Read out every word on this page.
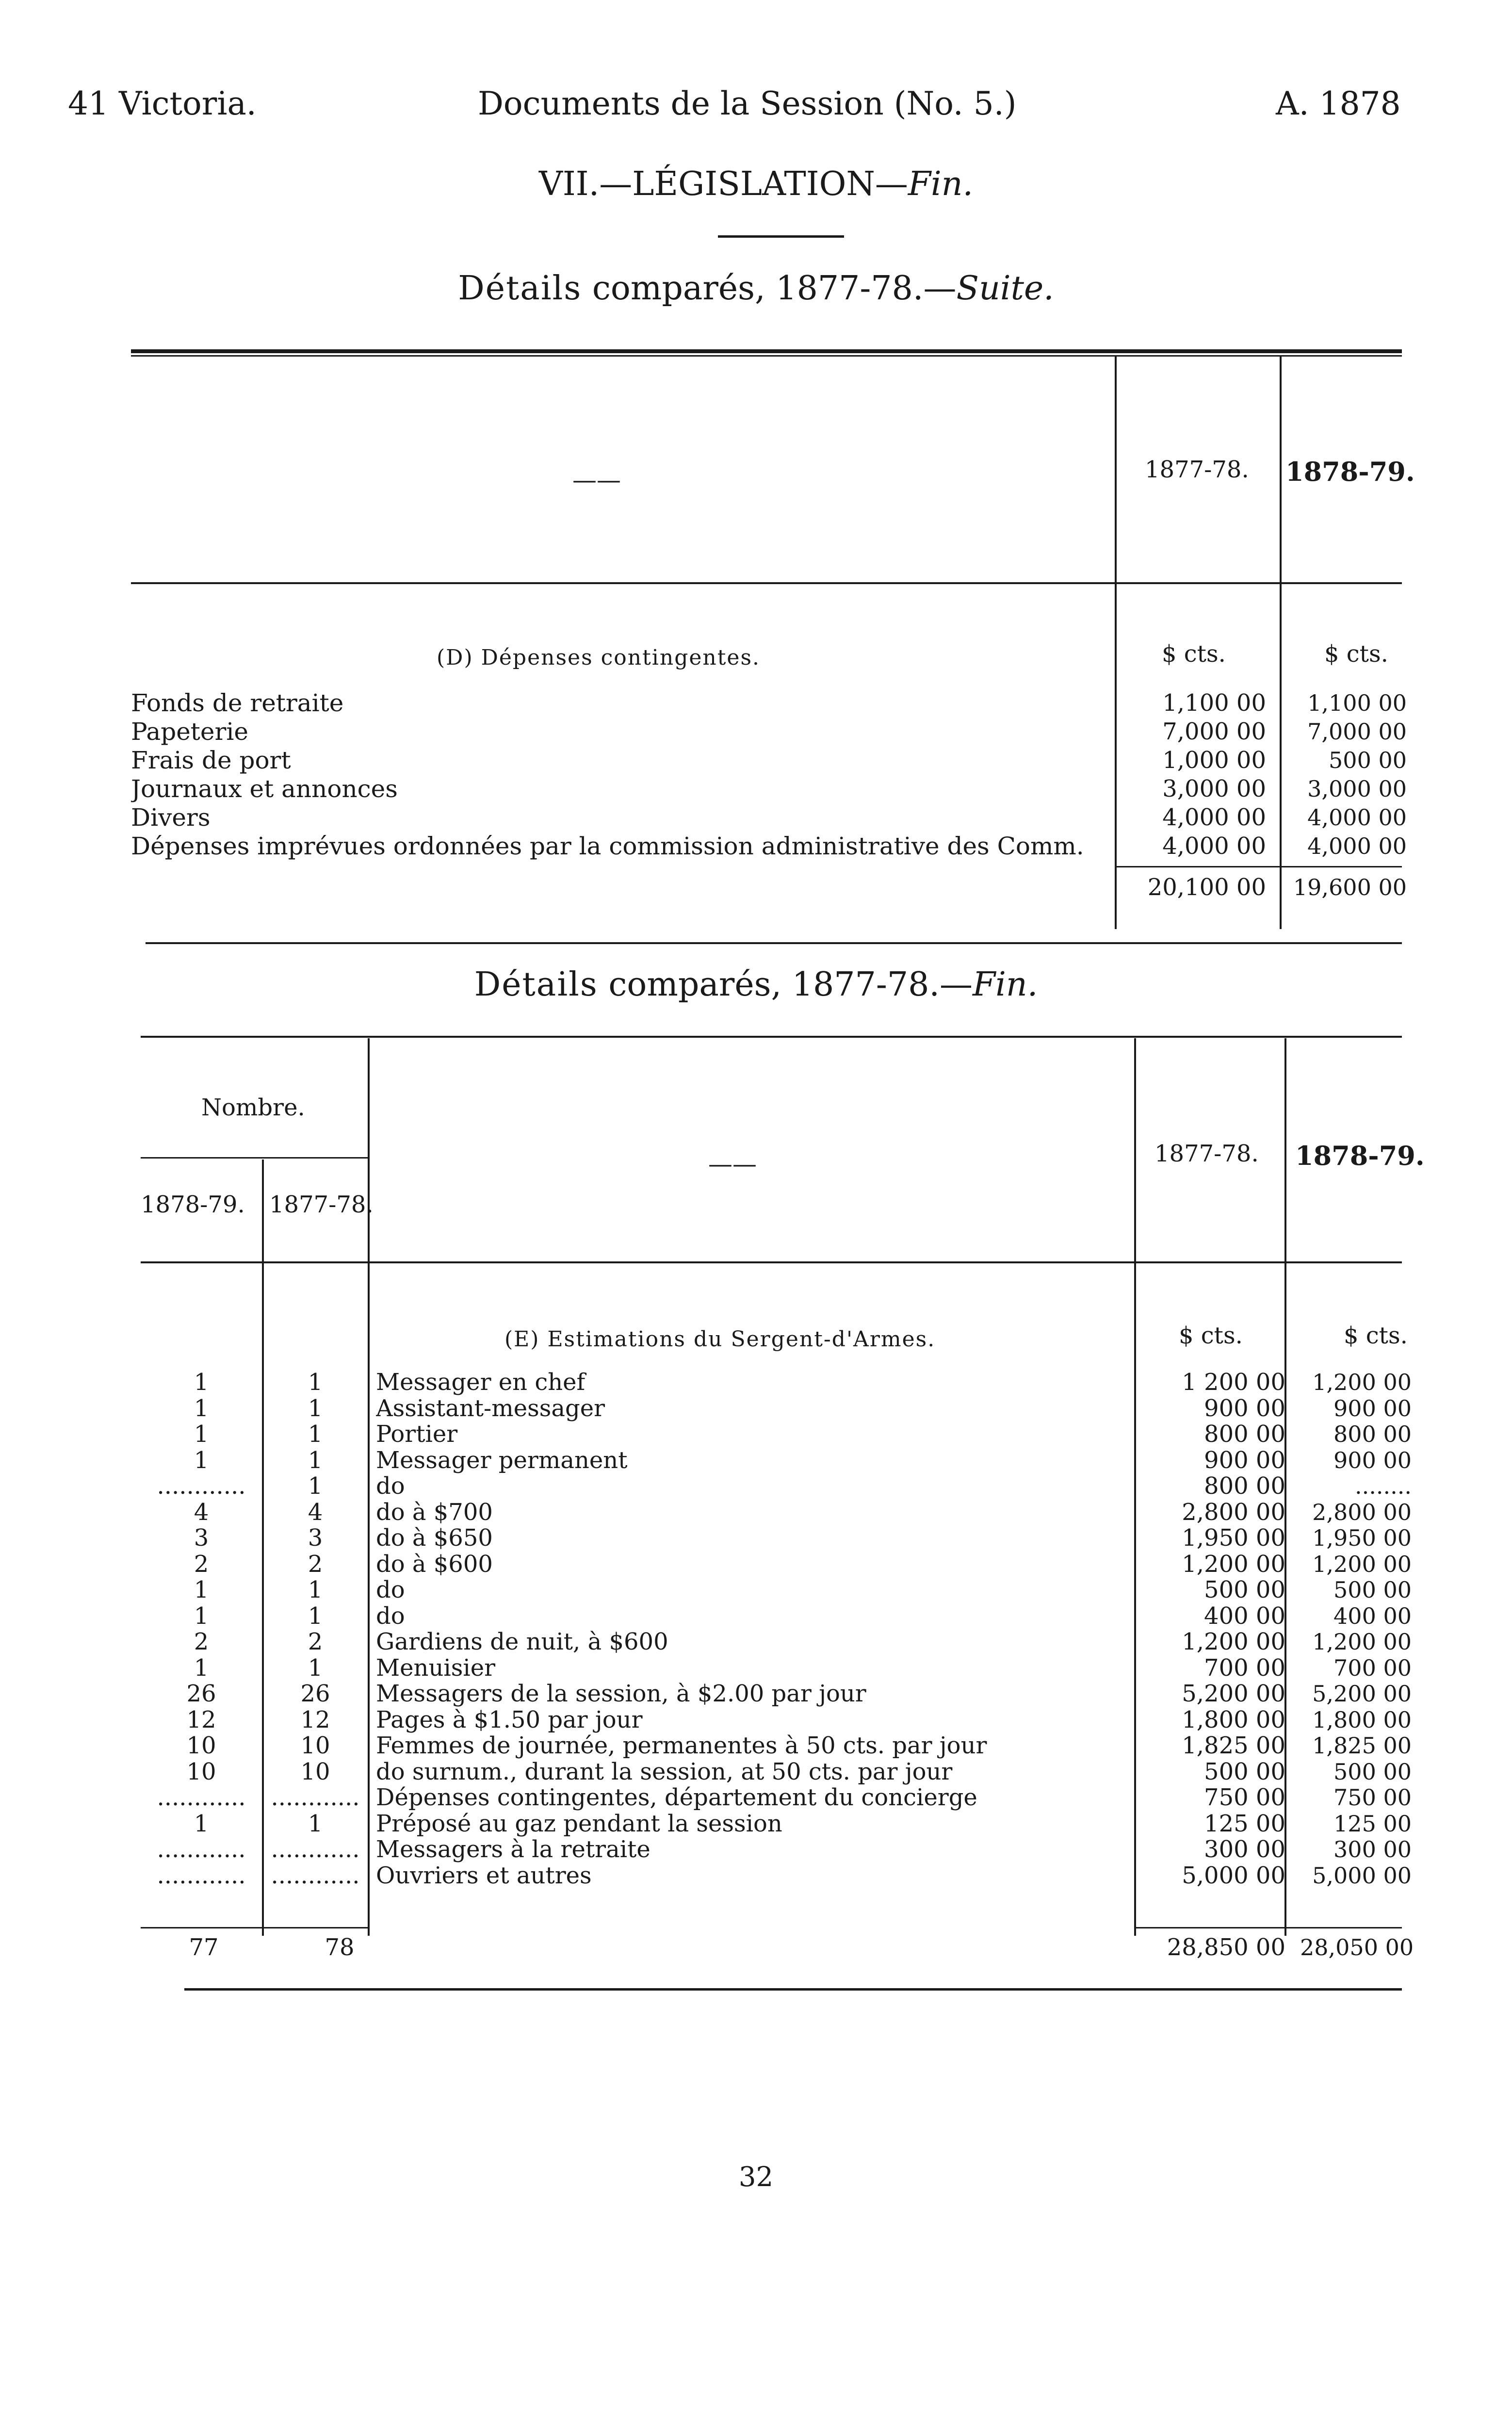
41 Victoria.	Documents de la Session (No. 5.)	A. 1878
VII.—LÉGISLATION—Fin.
Détails comparés, 1877-78.—Suite.
——	1877-78. 1878-79.
(D) Dépenses contingentes.	$ cts.	$ cts.
Fonds de retraite	1,100 00	1,100 00
Papeterie	7,000 00	7,000 00
Frais de port	1,000 00	500 00
Journaux et annonces	3,000 00	3,000 00
Divers	4,000 00	4,000 00
Dépenses imprévues ordonnées par la commission administrative des Comm.	4,000 00	4,000 00
20,100 00 19,600 00
Détails comparés, 1877-78.—Fin.
Nombre.
1878-79. 1877-78.
——	1877-78. 1878-79.
(E) Estimations du Sergent-d'Armes.	$ cts.	$ cts.
1	1	Messager en chef	1 200 00	1,200 00
1	1	Assistant-messager	900 00	900 00
1	1	Portier	800 00	800 00
1	1	Messager permanent	900 00	900 00
............	1	do	800 00	........
4	4	do à $700	2,800 00	2,800 00
3	3	do à $650	1,950 00	1,950 00
2	2	do à $600	1,200 00	1,200 00
1	1	do	500 00	500 00
1	1	do	400 00	400 00
2	2	Gardiens de nuit, à $600	1,200 00	1,200 00
1	1	Menuisier	700 00	700 00
26	26	Messagers de la session, à $2.00 par jour	5,200 00	5,200 00
12	12	Pages à $1.50 par jour	1,800 00	1,800 00
10	10	Femmes de journée, permanentes à 50 cts. par jour	1,825 00	1,825 00
10	10	do surnum., durant la session, at 50 cts. par jour	500 00	500 00
............	............ Dépenses contingentes, département du concierge	750 00	750 00
1	1	Préposé au gaz pendant la session	125 00	125 00
............	............ Messagers à la retraite	300 00	300 00
............	............ Ouvriers et autres	5,000 00	5,000 00
77	78	28,850 00 28,050 00
32
